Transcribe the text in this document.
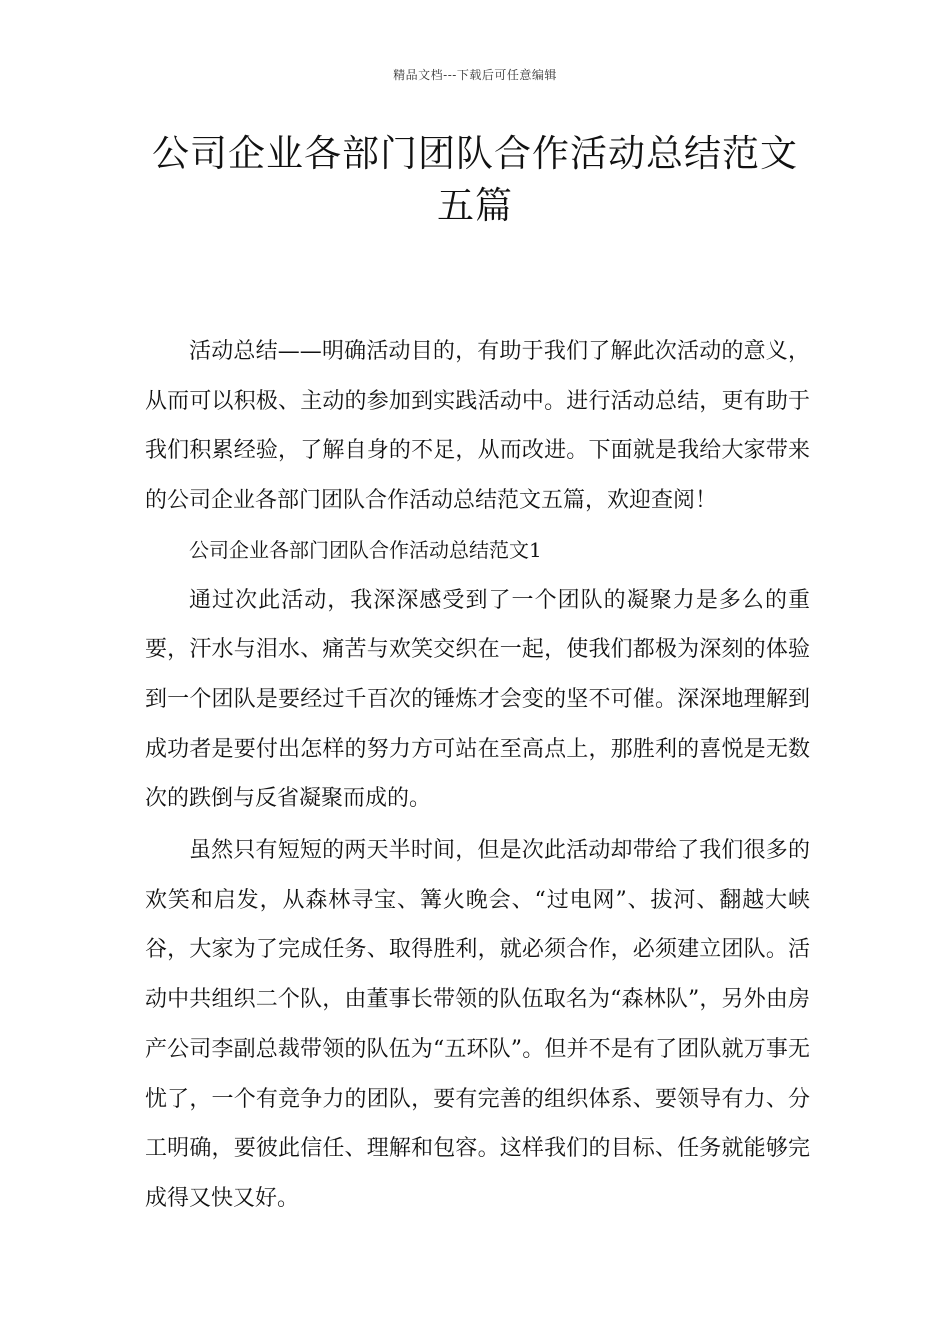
精品文档---下载后可任意编辑
公司企业各部门团队合作活动总结范文
五篇

活动总结——明确活动目的，有助于我们了解此次活动的意义，从而可以积极、主动的参加到实践活动中。进行活动总结，更有助于我们积累经验，了解自身的不足，从而改进。下面就是我给大家带来的公司企业各部门团队合作活动总结范文五篇，欢迎查阅！

公司企业各部门团队合作活动总结范文1

通过次此活动，我深深感受到了一个团队的凝聚力是多么的重要，汗水与泪水、痛苦与欢笑交织在一起，使我们都极为深刻的体验到一个团队是要经过千百次的锤炼才会变的坚不可催。深深地理解到成功者是要付出怎样的努力方可站在至高点上，那胜利的喜悦是无数次的跌倒与反省凝聚而成的。

虽然只有短短的两天半时间，但是次此活动却带给了我们很多的欢笑和启发，从森林寻宝、篝火晚会、“过电网”、拔河、翻越大峡谷，大家为了完成任务、取得胜利，就必须合作，必须建立团队。活动中共组织二个队，由董事长带领的队伍取名为“森林队”，另外由房产公司李副总裁带领的队伍为“五环队”。但并不是有了团队就万事无忧了，一个有竞争力的团队，要有完善的组织体系、要领导有力、分工明确，要彼此信任、理解和包容。这样我们的目标、任务就能够完成得又快又好。
